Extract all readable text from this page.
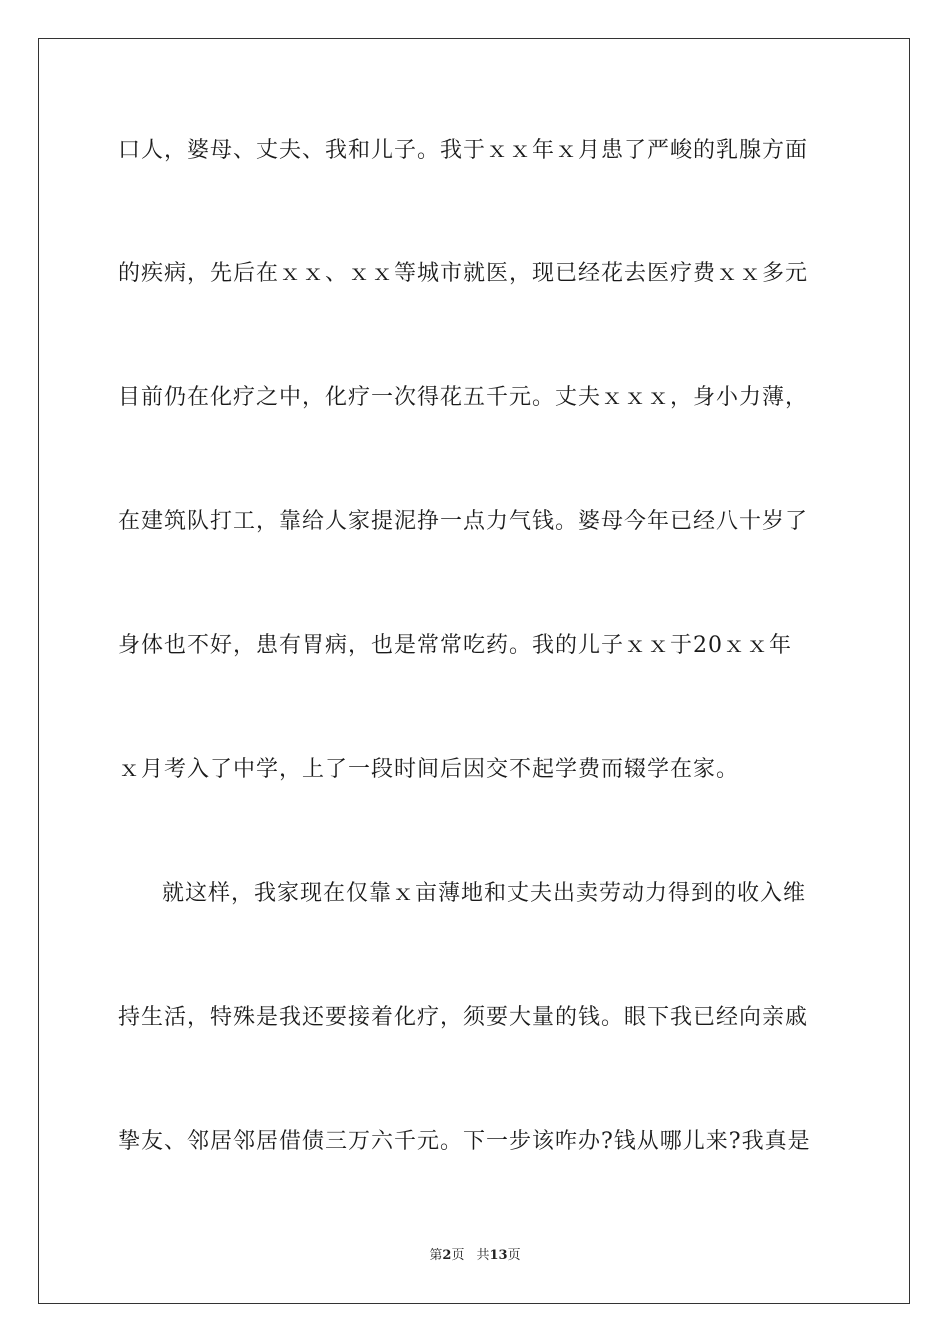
口人，婆母、丈夫、我和儿子。我于ｘｘ年ｘ月患了严峻的乳腺方面
的疾病，先后在ｘｘ、ｘｘ等城市就医，现已经花去医疗费ｘｘ多元
目前仍在化疗之中，化疗一次得花五千元。丈夫ｘｘｘ，身小力薄，
在建筑队打工，靠给人家提泥挣一点力气钱。婆母今年已经八十岁了
身体也不好，患有胃病，也是常常吃药。我的儿子ｘｘ于20ｘｘ年
ｘ月考入了中学，上了一段时间后因交不起学费而辍学在家。
就这样，我家现在仅靠ｘ亩薄地和丈夫出卖劳动力得到的收入维
持生活，特殊是我还要接着化疗，须要大量的钱。眼下我已经向亲戚
挚友、邻居邻居借债三万六千元。下一步该咋办?钱从哪儿来?我真是
第2页 共13页
